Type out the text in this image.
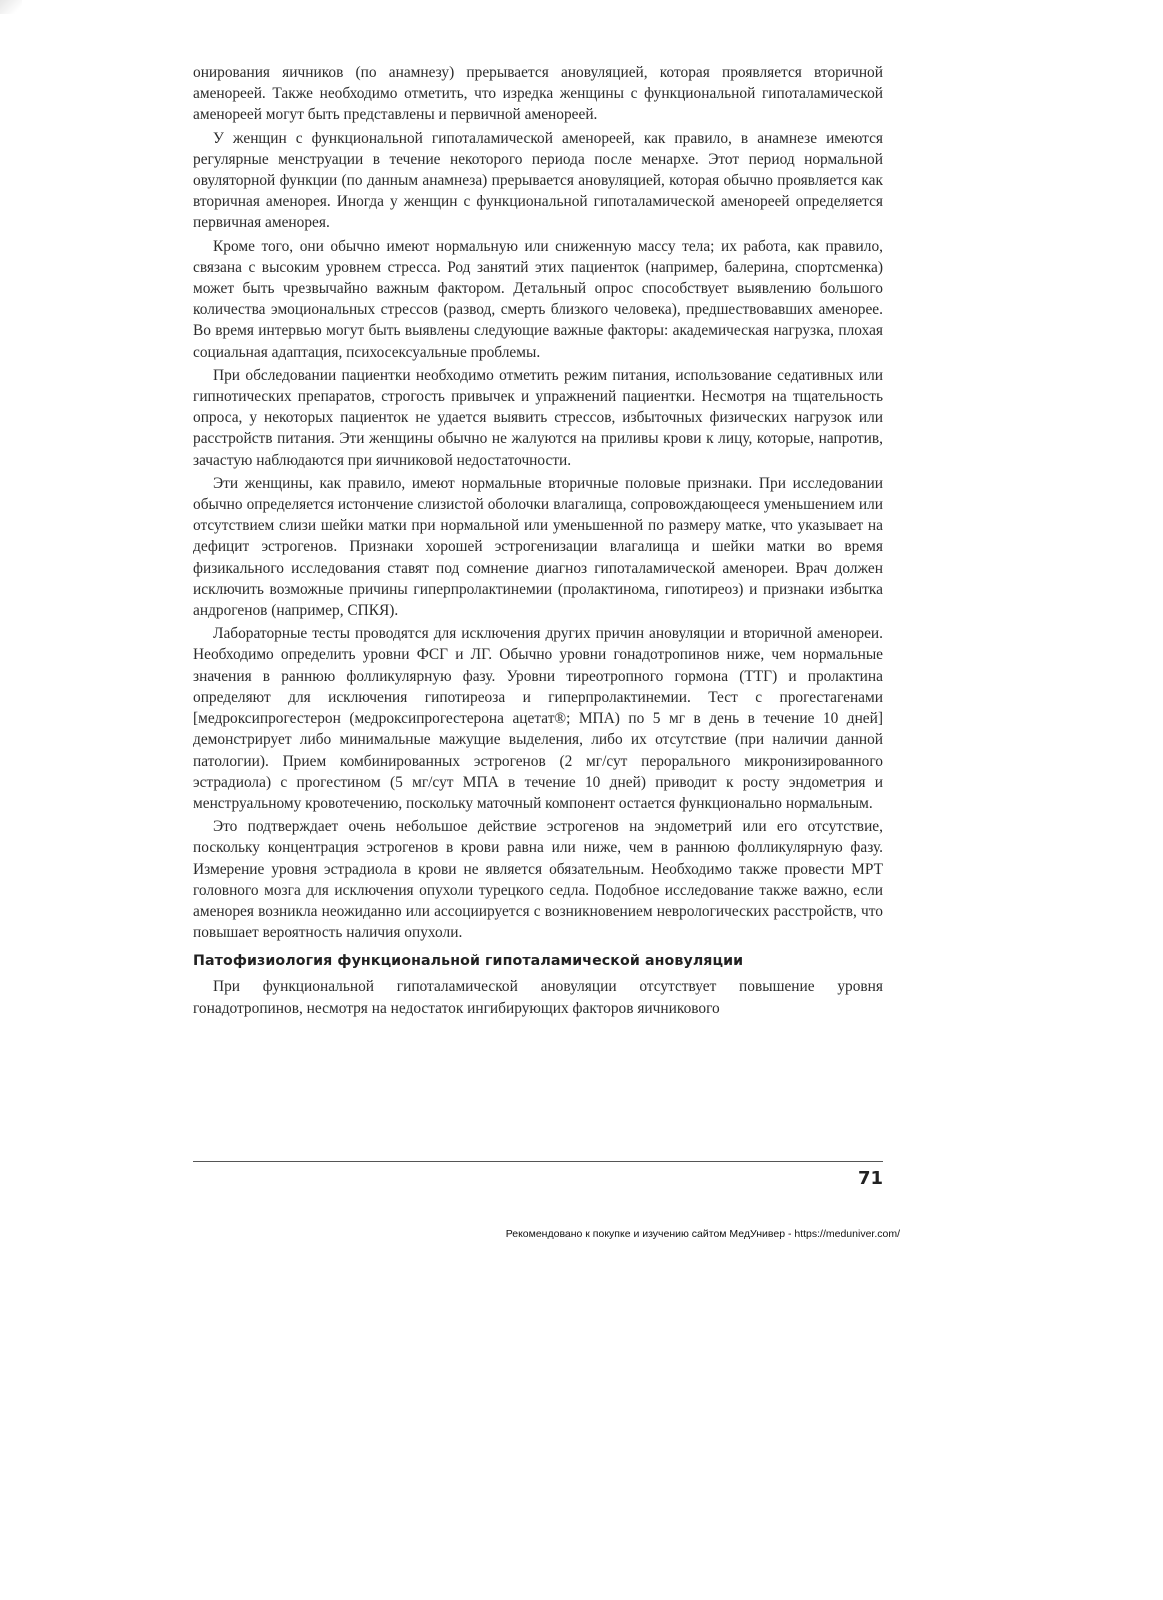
онирования яичников (по анамнезу) прерывается ановуляцией, которая проявляется вторичной аменореей. Также необходимо отметить, что изредка женщины с функциональной гипоталамической аменореей могут быть представлены и первичной аменореей.

У женщин с функциональной гипоталамической аменореей, как правило, в анамнезе имеются регулярные менструации в течение некоторого периода после менархе. Этот период нормальной овуляторной функции (по данным анамнеза) прерывается ановуляцией, которая обычно проявляется как вторичная аменорея. Иногда у женщин с функциональной гипоталамической аменореей определяется первичная аменорея.

Кроме того, они обычно имеют нормальную или сниженную массу тела; их работа, как правило, связана с высоким уровнем стресса. Род занятий этих пациенток (например, балерина, спортсменка) может быть чрезвычайно важным фактором. Детальный опрос способствует выявлению большого количества эмоциональных стрессов (развод, смерть близкого человека), предшествовавших аменорее. Во время интервью могут быть выявлены следующие важные факторы: академическая нагрузка, плохая социальная адаптация, психосексуальные проблемы.

При обследовании пациентки необходимо отметить режим питания, использование седативных или гипнотических препаратов, строгость привычек и упражнений пациентки. Несмотря на тщательность опроса, у некоторых пациенток не удается выявить стрессов, избыточных физических нагрузок или расстройств питания. Эти женщины обычно не жалуются на приливы крови к лицу, которые, напротив, зачастую наблюдаются при яичниковой недостаточности.

Эти женщины, как правило, имеют нормальные вторичные половые признаки. При исследовании обычно определяется истончение слизистой оболочки влагалища, сопровождающееся уменьшением или отсутствием слизи шейки матки при нормальной или уменьшенной по размеру матке, что указывает на дефицит эстрогенов. Признаки хорошей эстрогенизации влагалища и шейки матки во время физикального исследования ставят под сомнение диагноз гипоталамической аменореи. Врач должен исключить возможные причины гиперпролактинемии (пролактинома, гипотиреоз) и признаки избытка андрогенов (например, СПКЯ).

Лабораторные тесты проводятся для исключения других причин ановуляции и вторичной аменореи. Необходимо определить уровни ФСГ и ЛГ. Обычно уровни гонадотропинов ниже, чем нормальные значения в раннюю фолликулярную фазу. Уровни тиреотропного гормона (ТТГ) и пролактина определяют для исключения гипотиреоза и гиперпролактинемии. Тест с прогестагенами [медроксипрогестерон (медроксипрогестерона ацетат®; МПА) по 5 мг в день в течение 10 дней] демонстрирует либо минимальные мажущие выделения, либо их отсутствие (при наличии данной патологии). Прием комбинированных эстрогенов (2 мг/сут перорального микронизированного эстрадиола) с прогестином (5 мг/сут МПА в течение 10 дней) приводит к росту эндометрия и менструальному кровотечению, поскольку маточный компонент остается функционально нормальным.

Это подтверждает очень небольшое действие эстрогенов на эндометрий или его отсутствие, поскольку концентрация эстрогенов в крови равна или ниже, чем в раннюю фолликулярную фазу. Измерение уровня эстрадиола в крови не является обязательным. Необходимо также провести МРТ головного мозга для исключения опухоли турецкого седла. Подобное исследование также важно, если аменорея возникла неожиданно или ассоциируется с возникновением неврологических расстройств, что повышает вероятность наличия опухоли.

Патофизиология функциональной гипоталамической ановуляции

При функциональной гипоталамической ановуляции отсутствует повышение уровня гонадотропинов, несмотря на недостаток ингибирующих факторов яичникового

71
Рекомендовано к покупке и изучению сайтом МедУнивер - https://meduniver.com/
